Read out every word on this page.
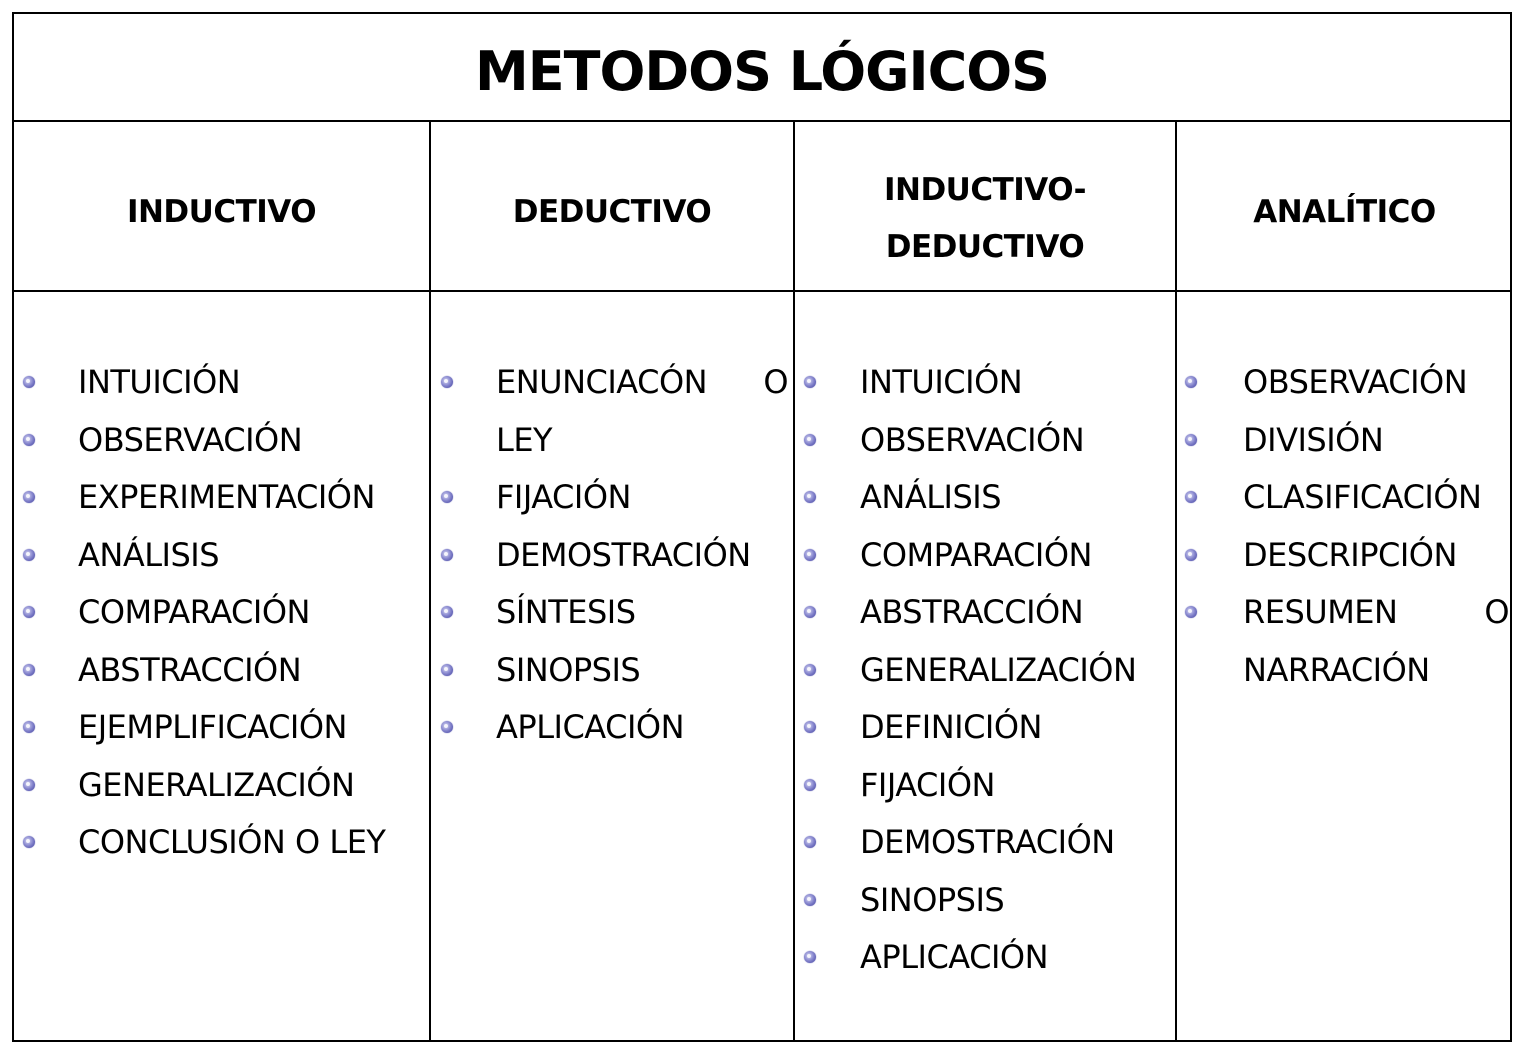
METODOS LÓGICOS
INDUCTIVO
INTUICIÓN
OBSERVACIÓN
EXPERIMENTACIÓN
ANÁLISIS
COMPARACIÓN
ABSTRACCIÓN
EJEMPLIFICACIÓN
GENERALIZACIÓN
CONCLUSIÓN O LEY
DEDUCTIVO
ENUNCIACÓN O
LEY
FIJACIÓN
DEMOSTRACIÓN
SÍNTESIS
SINOPSIS
APLICACIÓN
INDUCTIVO-
DEDUCTIVO
INTUICIÓN
OBSERVACIÓN
ANÁLISIS
COMPARACIÓN
ABSTRACCIÓN
GENERALIZACIÓN
DEFINICIÓN
FIJACIÓN
DEMOSTRACIÓN
SINOPSIS
APLICACIÓN
ANALÍTICO
OBSERVACIÓN
DIVISIÓN
CLASIFICACIÓN
DESCRIPCIÓN
RESUMEN	O
NARRACIÓN
